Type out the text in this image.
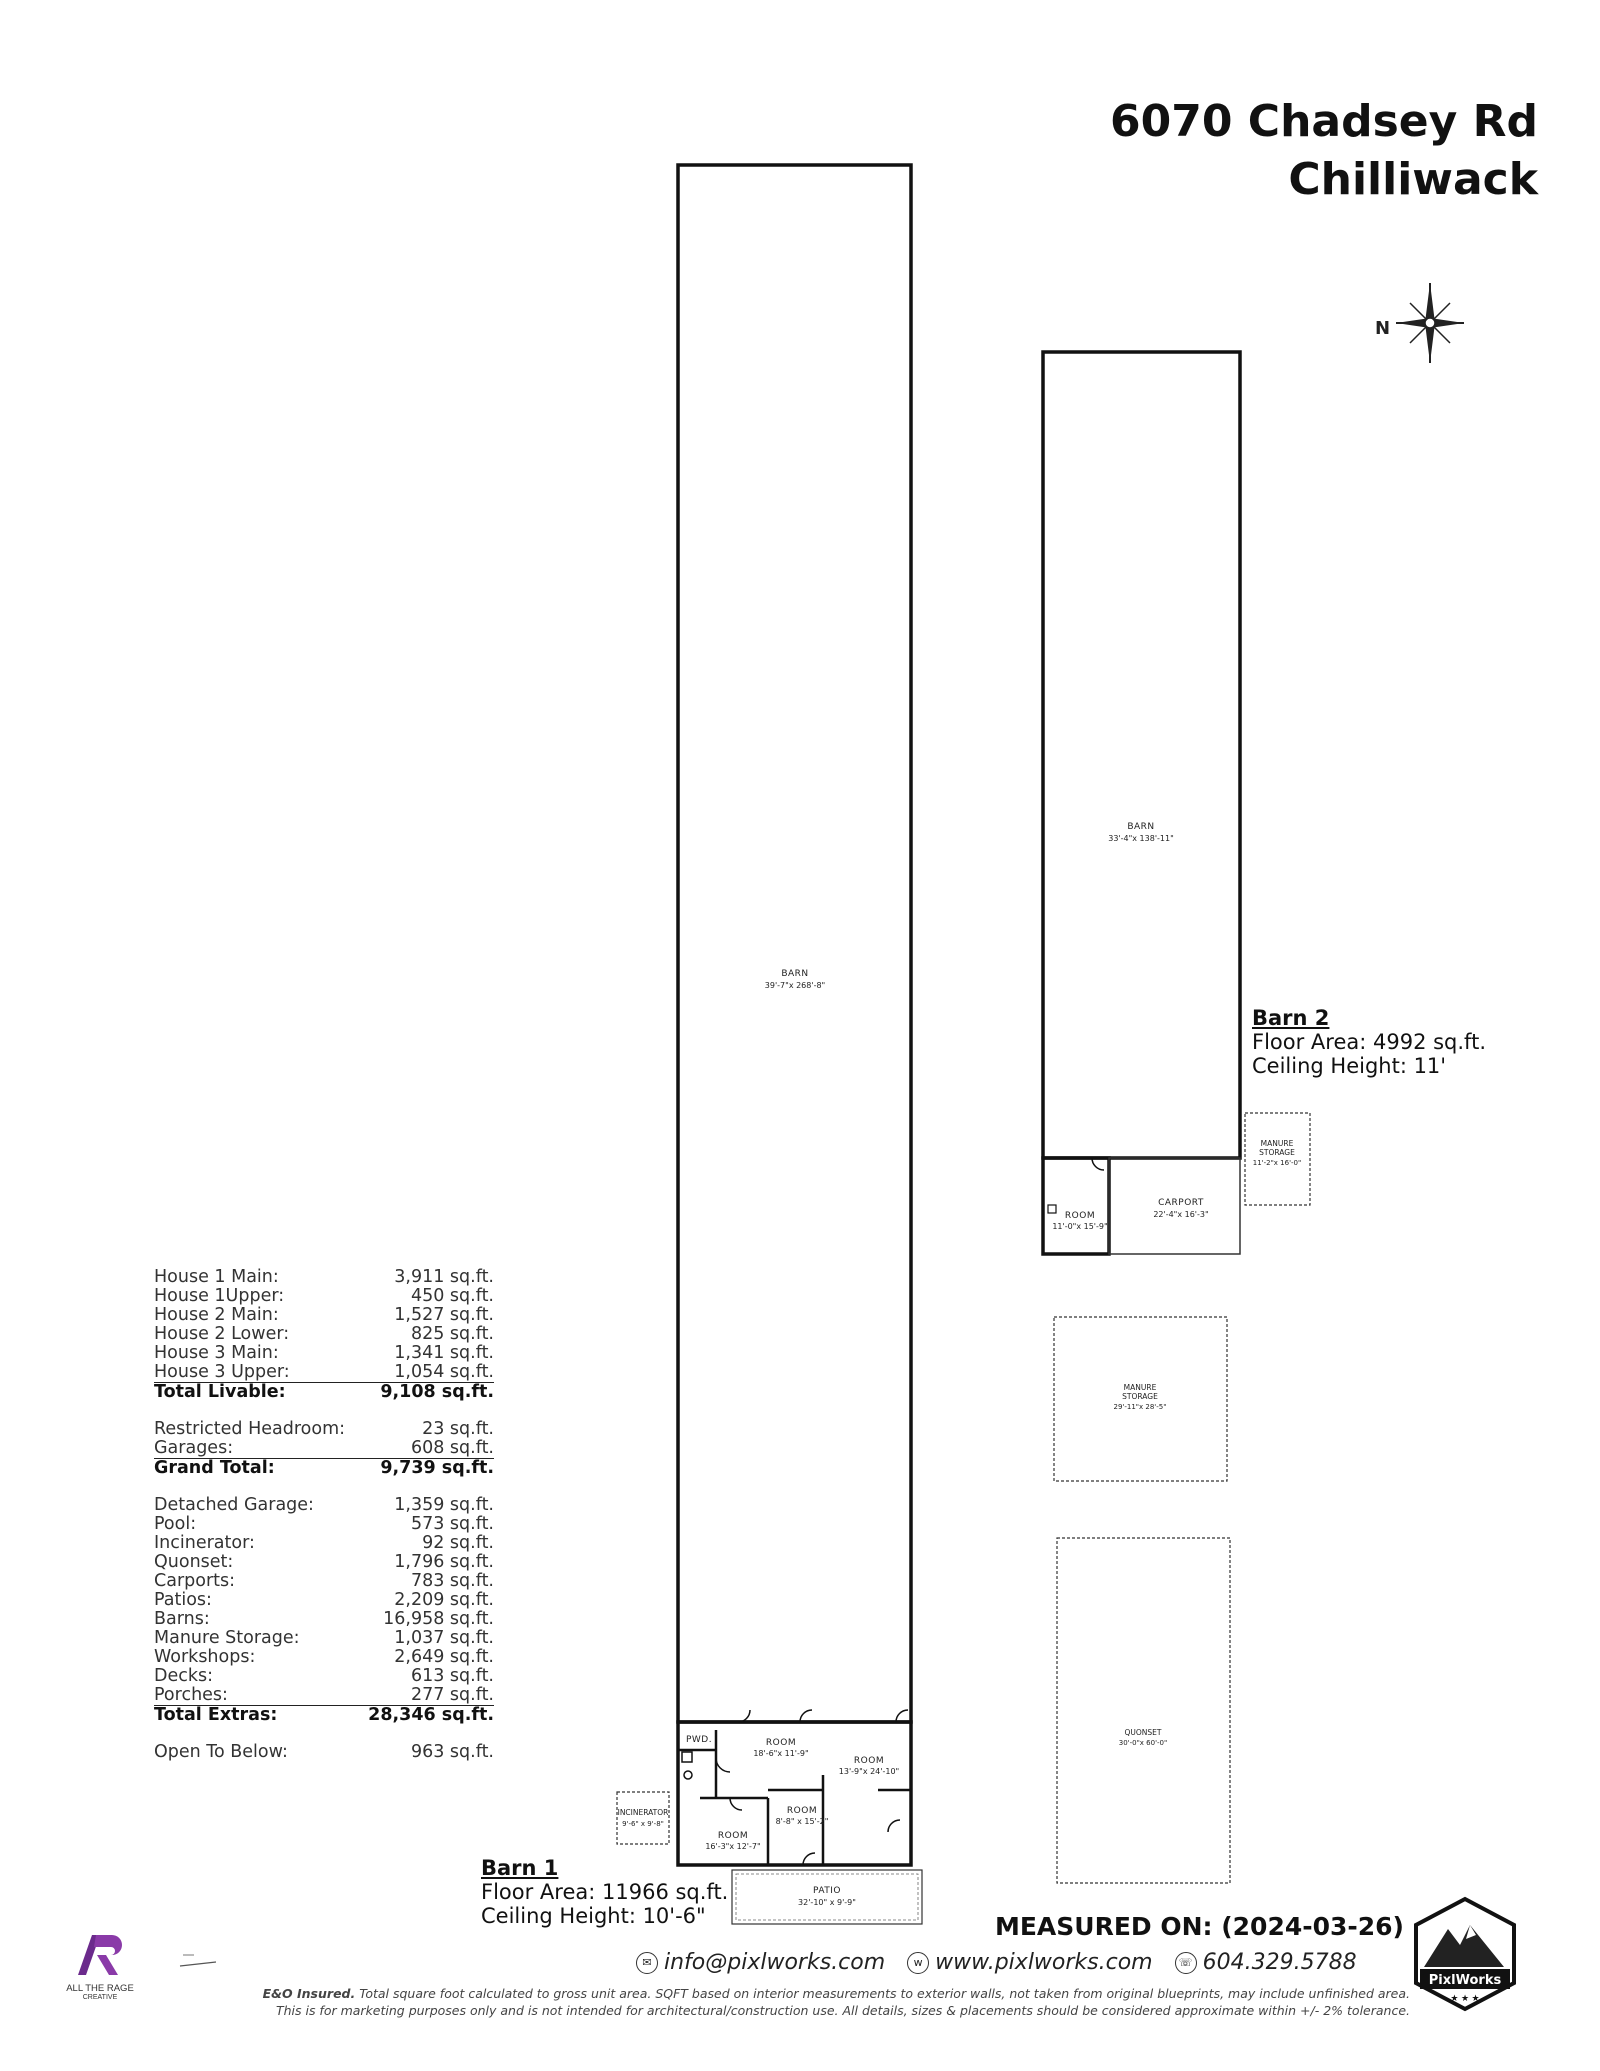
6070 Chadsey Rd
Chilliwack
N
BARN
39'-7"x 268'-8"
PWD.	ROOM
18'-6"x 11'-9"
ROOM
13'-9"x 24'-10"
ROOM
8'-8" x 15'-2"
ROOM
16'-3"x 12'-7"
INCINERATOR
9'-6" x 9'-8"
PATIO
32'-10" x 9'-9"
BARN
33'-4"x 138'-11"
ROOM
11'-0"x 15'-9"
CARPORT
22'-4"x 16'-3"
MANURE
STORAGE
11'-2"x 16'-0"
MANURE
STORAGE
29'-11"x 28'-5"
QUONSET
30'-0"x 60'-0"
Barn 2
Floor Area: 4992 sq.ft.
Ceiling Height: 11'
Barn 1
Floor Area: 11966 sq.ft.
Ceiling Height: 10'-6"
House 1 Main:	3,911 sq.ft.
House 1Upper:	450 sq.ft.
House 2 Main:	1,527 sq.ft.
House 2 Lower:	825 sq.ft.
House 3 Main:	1,341 sq.ft.
House 3 Upper:	1,054 sq.ft.
Total Livable:	9,108 sq.ft.
Restricted Headroom:	23 sq.ft.
Garages:	608 sq.ft.
Grand Total:	9,739 sq.ft.
Detached Garage:	1,359 sq.ft.
Pool:	573 sq.ft.
Incinerator:	92 sq.ft.
Quonset:	1,796 sq.ft.
Carports:	783 sq.ft.
Patios:	2,209 sq.ft.
Barns:	16,958 sq.ft.
Manure Storage:	1,037 sq.ft.
Workshops:	2,649 sq.ft.
Decks:	613 sq.ft.
Porches:	277 sq.ft.
Total Extras:	28,346 sq.ft.
Open To Below:	963 sq.ft.
MEASURED ON: (2024-03-26)
✉ info@pixlworks.com	w www.pixlworks.com	☏ 604.329.5788
E&O Insured. Total square foot calculated to gross unit area. SQFT based on interior measurements to exterior walls, not taken from original blueprints, may include unfinished area.
This is for marketing purposes only and is not intended for architectural/construction use. All details, sizes & placements should be considered approximate within +/- 2% tolerance.
ALL THE RAGE
CREATIVE
PixlWorks
★ ★ ★
